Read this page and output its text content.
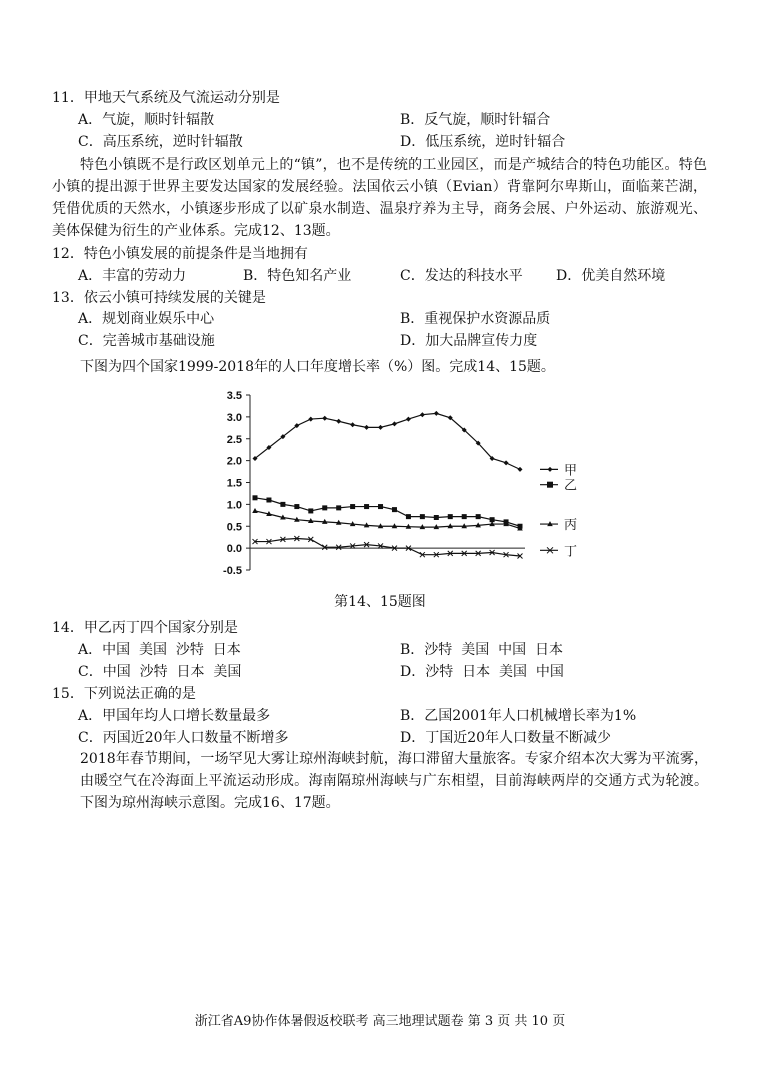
11．甲地天气系统及气流运动分别是
A．气旋，顺时针辐散	B．反气旋，顺时针辐合
C．高压系统，逆时针辐散	D．低压系统，逆时针辐合
特色小镇既不是行政区划单元上的“镇”，也不是传统的工业园区，而是产城结合的特色功能区。特色小镇的提出源于世界主要发达国家的发展经验。法国依云小镇（Evian）背靠阿尔卑斯山，面临莱芒湖，凭借优质的天然水，小镇逐步形成了以矿泉水制造、温泉疗养为主导，商务会展、户外运动、旅游观光、美体保健为衍生的产业体系。完成12、13题。
12．特色小镇发展的前提条件是当地拥有
A．丰富的劳动力	B．特色知名产业	C．发达的科技水平 D．优美自然环境
13．依云小镇可持续发展的关键是
A．规划商业娱乐中心	B．重视保护水资源品质
C．完善城市基础设施	D．加大品牌宣传力度
下图为四个国家1999-2018年的人口年度增长率（%）图。完成14、15题。
3.5
3.0
2.5
2.0
1.5
1.0
0.5
0.0
-0.5
甲
乙
丙
丁
第14、15题图
14．甲乙丙丁四个国家分别是
A．中国  美国  沙特  日本	B．沙特  美国  中国  日本
C．中国  沙特  日本  美国	D．沙特  日本  美国  中国
15．下列说法正确的是
A．甲国年均人口增长数量最多	B．乙国2001年人口机械增长率为1%
C．丙国近20年人口数量不断增多	D．丁国近20年人口数量不断减少
2018年春节期间，一场罕见大雾让琼州海峡封航，海口滞留大量旅客。专家介绍本次大雾为平流雾，由暖空气在冷海面上平流运动形成。海南隔琼州海峡与广东相望，目前海峡两岸的交通方式为轮渡。下图为琼州海峡示意图。完成16、17题。
浙江省A9协作体暑假返校联考 高三地理试题卷 第 3 页 共 10 页
